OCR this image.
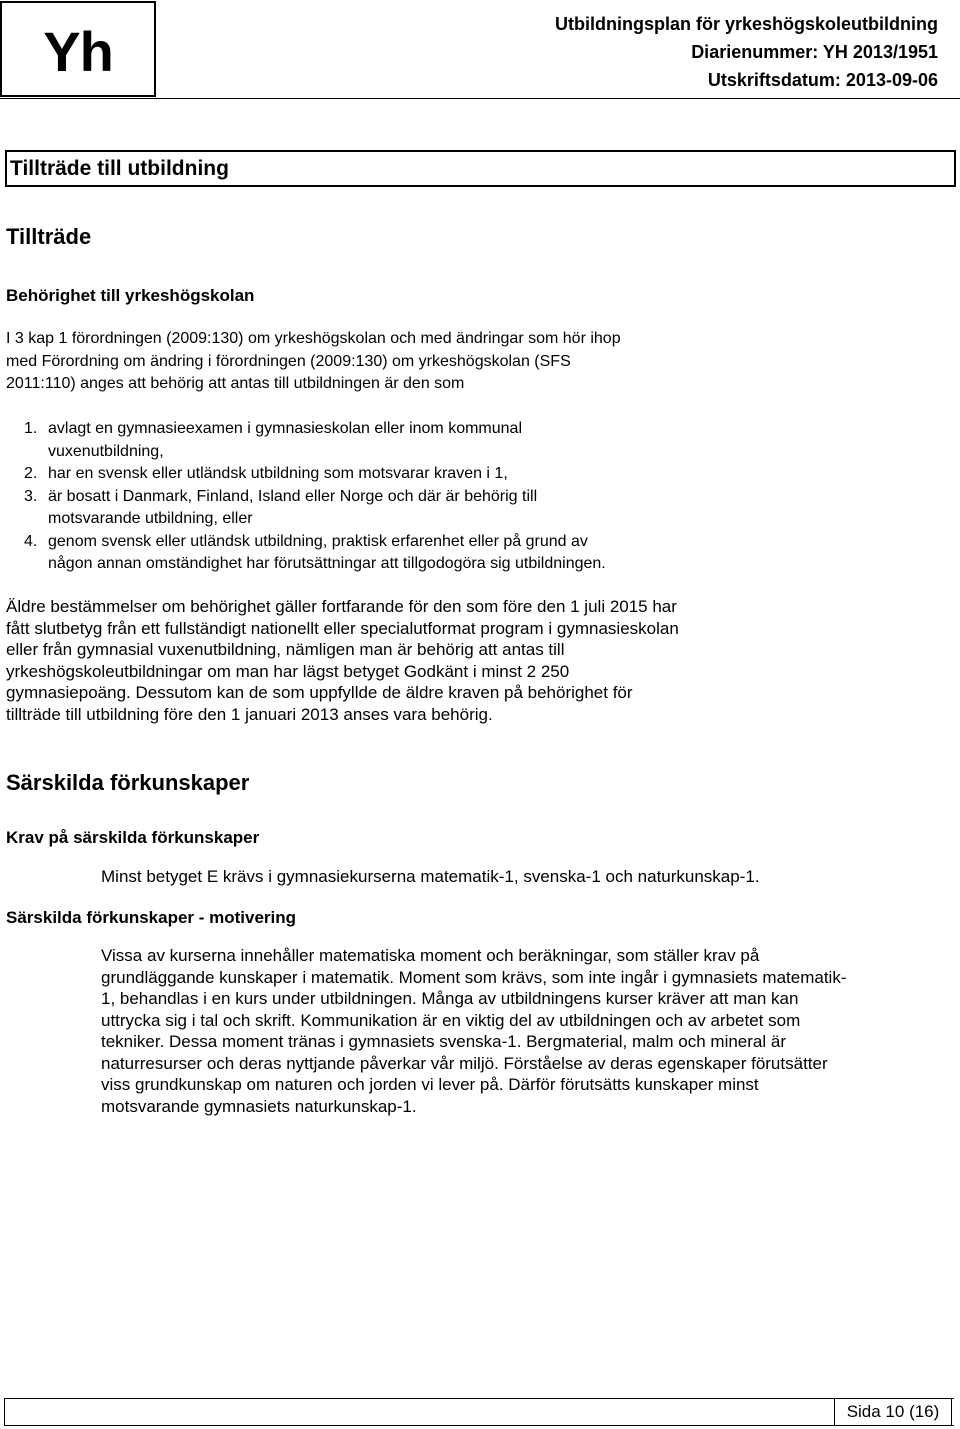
Yh	Utbildningsplan för yrkeshögskoleutbildning
Diarienummer: YH 2013/1951
Utskriftsdatum: 2013-09-06
Tillträde till utbildning
Tillträde
Behörighet till yrkeshögskolan
I 3 kap 1 förordningen (2009:130) om yrkeshögskolan och med ändringar som hör ihop
med Förordning om ändring i förordningen (2009:130) om yrkeshögskolan (SFS
2011:110) anges att behörig att antas till utbildningen är den som
1. avlagt en gymnasieexamen i gymnasieskolan eller inom kommunal
vuxenutbildning,
2. har en svensk eller utländsk utbildning som motsvarar kraven i 1,
3. är bosatt i Danmark, Finland, Island eller Norge och där är behörig till
motsvarande utbildning, eller
4. genom svensk eller utländsk utbildning, praktisk erfarenhet eller på grund av
någon annan omständighet har förutsättningar att tillgodogöra sig utbildningen.
Äldre bestämmelser om behörighet gäller fortfarande för den som före den 1 juli 2015 har
fått slutbetyg från ett fullständigt nationellt eller specialutformat program i gymnasieskolan
eller från gymnasial vuxenutbildning, nämligen man är behörig att antas till
yrkeshögskoleutbildningar om man har lägst betyget Godkänt i minst 2 250
gymnasiepoäng. Dessutom kan de som uppfyllde de äldre kraven på behörighet för
tillträde till utbildning före den 1 januari 2013 anses vara behörig.
Särskilda förkunskaper
Krav på särskilda förkunskaper
Minst betyget E krävs i gymnasiekurserna matematik-1, svenska-1 och naturkunskap-1.
Särskilda förkunskaper - motivering
Vissa av kurserna innehåller matematiska moment och beräkningar, som ställer krav på
grundläggande kunskaper i matematik. Moment som krävs, som inte ingår i gymnasiets matematik-
1, behandlas i en kurs under utbildningen. Många av utbildningens kurser kräver att man kan
uttrycka sig i tal och skrift. Kommunikation är en viktig del av utbildningen och av arbetet som
tekniker. Dessa moment tränas i gymnasiets svenska-1. Bergmaterial, malm och mineral är
naturresurser och deras nyttjande påverkar vår miljö. Förståelse av deras egenskaper förutsätter
viss grundkunskap om naturen och jorden vi lever på. Därför förutsätts kunskaper minst
motsvarande gymnasiets naturkunskap-1.
Sida 10 (16)
